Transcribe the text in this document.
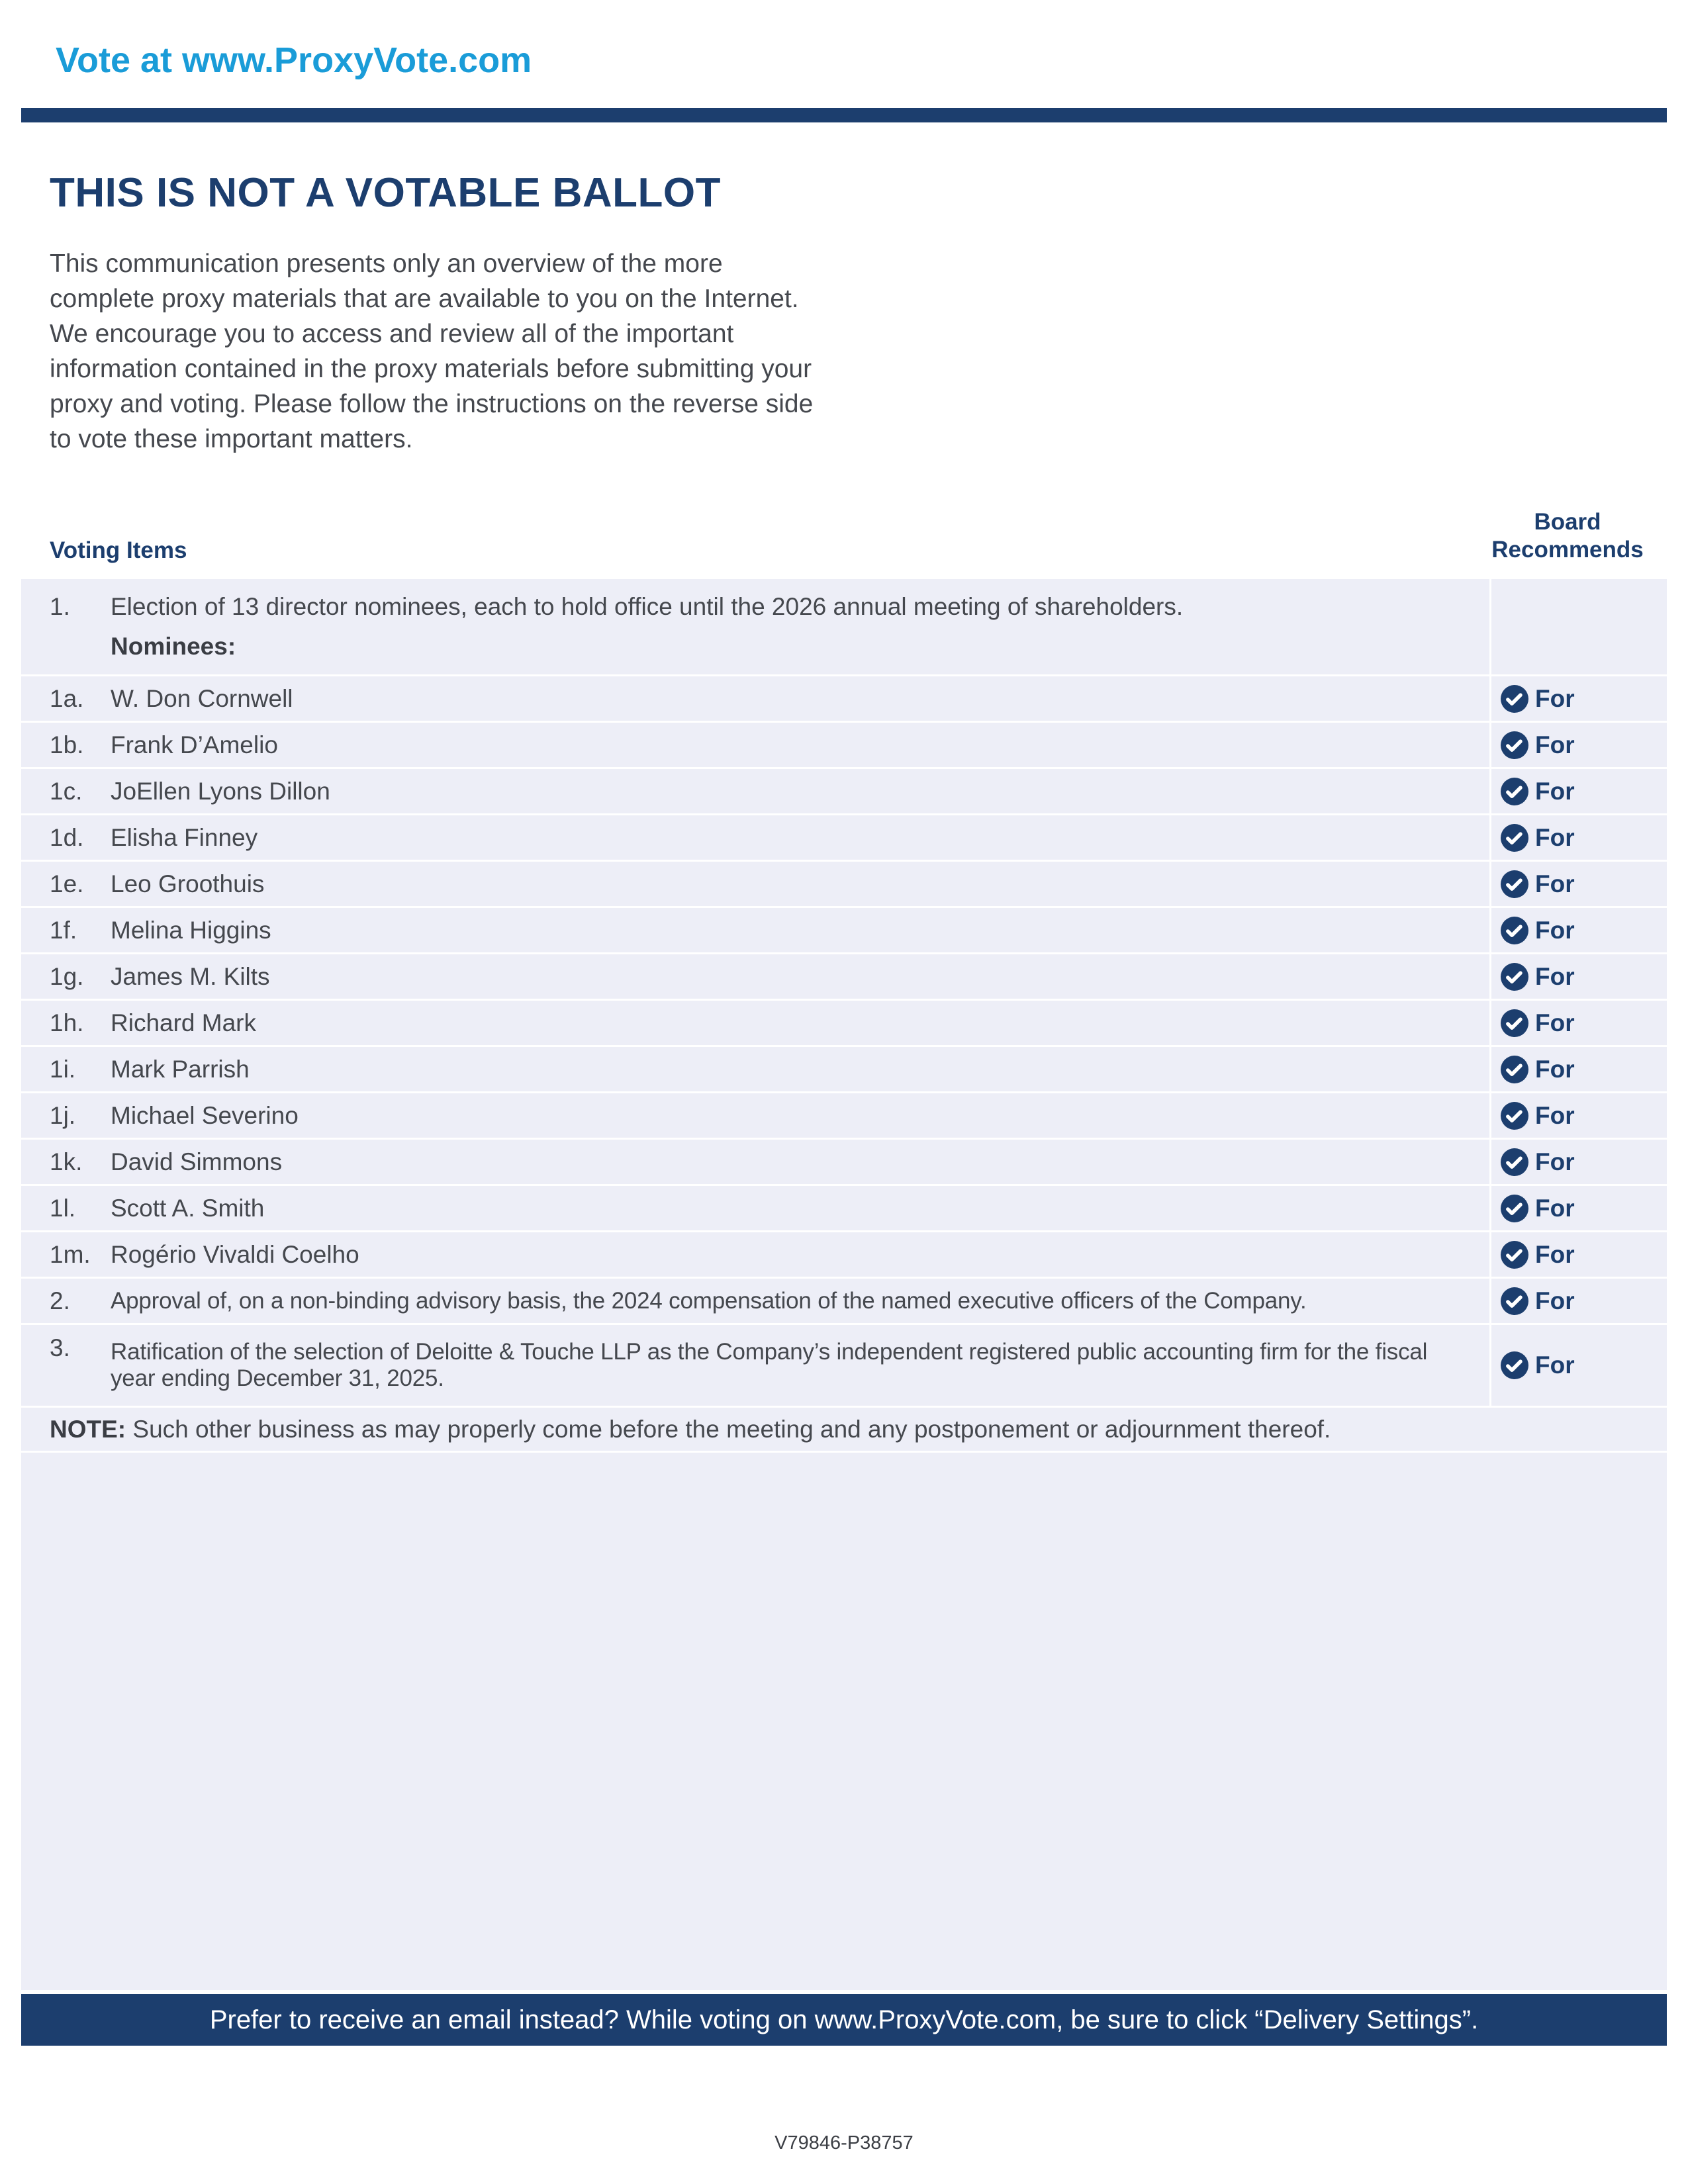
Vote at www.ProxyVote.com
THIS IS NOT A VOTABLE BALLOT

This communication presents only an overview of the more complete proxy materials that are available to you on the Internet. We encourage you to access and review all of the important information contained in the proxy materials before submitting your proxy and voting. Please follow the instructions on the reverse side to vote these important matters.

Voting Items
Board Recommends
1.	Election of 13 director nominees, each to hold office until the 2026 annual meeting of shareholders.
Nominees:
1a.	W. Don Cornwell	For
1b.	Frank D’Amelio	For
1c.	JoEllen Lyons Dillon	For
1d.	Elisha Finney	For
1e.	Leo Groothuis	For
1f.	Melina Higgins	For
1g.	James M. Kilts	For
1h.	Richard Mark	For
1i.	Mark Parrish	For
1j.	Michael Severino	For
1k.	David Simmons	For
1l.	Scott A. Smith	For
1m. Rogério Vivaldi Coelho	For
2.	Approval of, on a non-binding advisory basis, the 2024 compensation of the named executive officers of the Company.	For
3.	Ratification of the selection of Deloitte & Touche LLP as the Company’s independent registered public accounting firm for the fiscal year ending December 31, 2025.	For
NOTE: Such other business as may properly come before the meeting and any postponement or adjournment thereof.
Prefer to receive an email instead? While voting on www.ProxyVote.com, be sure to click “Delivery Settings”.
V79846-P38757
